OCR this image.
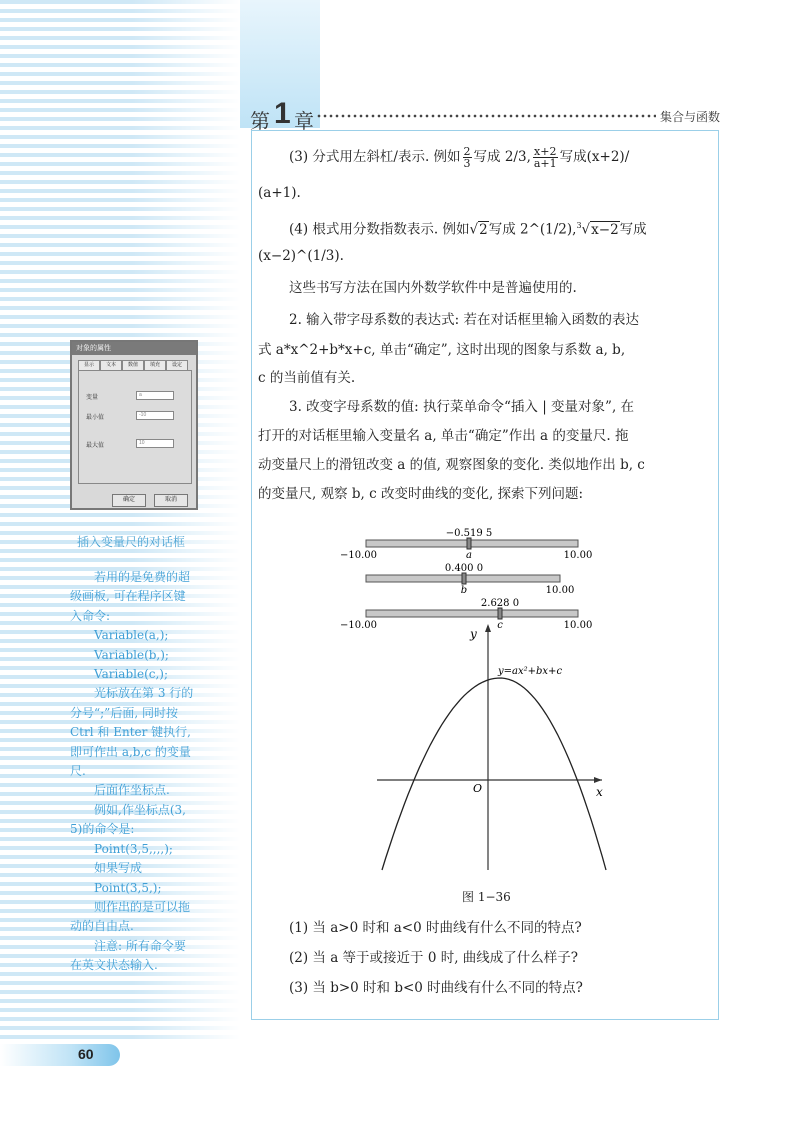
第 1 章	集合与函数
(3) 分式用左斜杠/表示. 例如 $\frac{2}{3}$ 写成 2/3, $\frac{x+2}{a+1}$ 写成(x+2)/
(a+1).
(4) 根式用分数指数表示. 例如√2写成 2^(1/2),$^3$√x−2写成
(x−2)^(1/3).
这些书写方法在国内外数学软件中是普遍使用的.
2. 输入带字母系数的表达式: 若在对话框里输入函数的表达
式 a*x^2+b*x+c, 单击“确定”, 这时出现的图象与系数 a, b,
c 的当前值有关.
3. 改变字母系数的值: 执行菜单命令“插入 | 变量对象”, 在
打开的对话框里输入变量名 a, 单击“确定”作出 a 的变量尺. 拖
动变量尺上的滑钮改变 a 的值, 观察图象的变化. 类似地作出 b, c
的变量尺, 观察 b, c 改变时曲线的变化, 探索下列问题:
对象的属性
显示	文本	数值	填充	设定
变量	a
最小值	-10
最大值	10
确定	取消
插入变量尺的对话框

若用的是免费的超

级画板, 可在程序区键

入命令:

Variable(a,);

Variable(b,);

Variable(c,);

光标放在第 3 行的

分号“;”后面, 同时按

Ctrl 和 Enter 键执行,

即可作出 a,b,c 的变量

尺.

后面作坐标点.

例如,作坐标点(3,

5)的命令是:

Point(3,5,,,,);

如果写成

Point(3,5,);

则作出的是可以拖

动的自由点.

注意: 所有命令要

在英文状态输入.

−0.519 5
a
−10.00	10.00
0.400 0
b	10.00
2.628 0
c
−10.00	10.00
y
x
O
y=ax²+bx+c
图 1−36
(1) 当 a>0 时和 a<0 时曲线有什么不同的特点?
(2) 当 a 等于或接近于 0 时, 曲线成了什么样子?
(3) 当 b>0 时和 b<0 时曲线有什么不同的特点?
60
